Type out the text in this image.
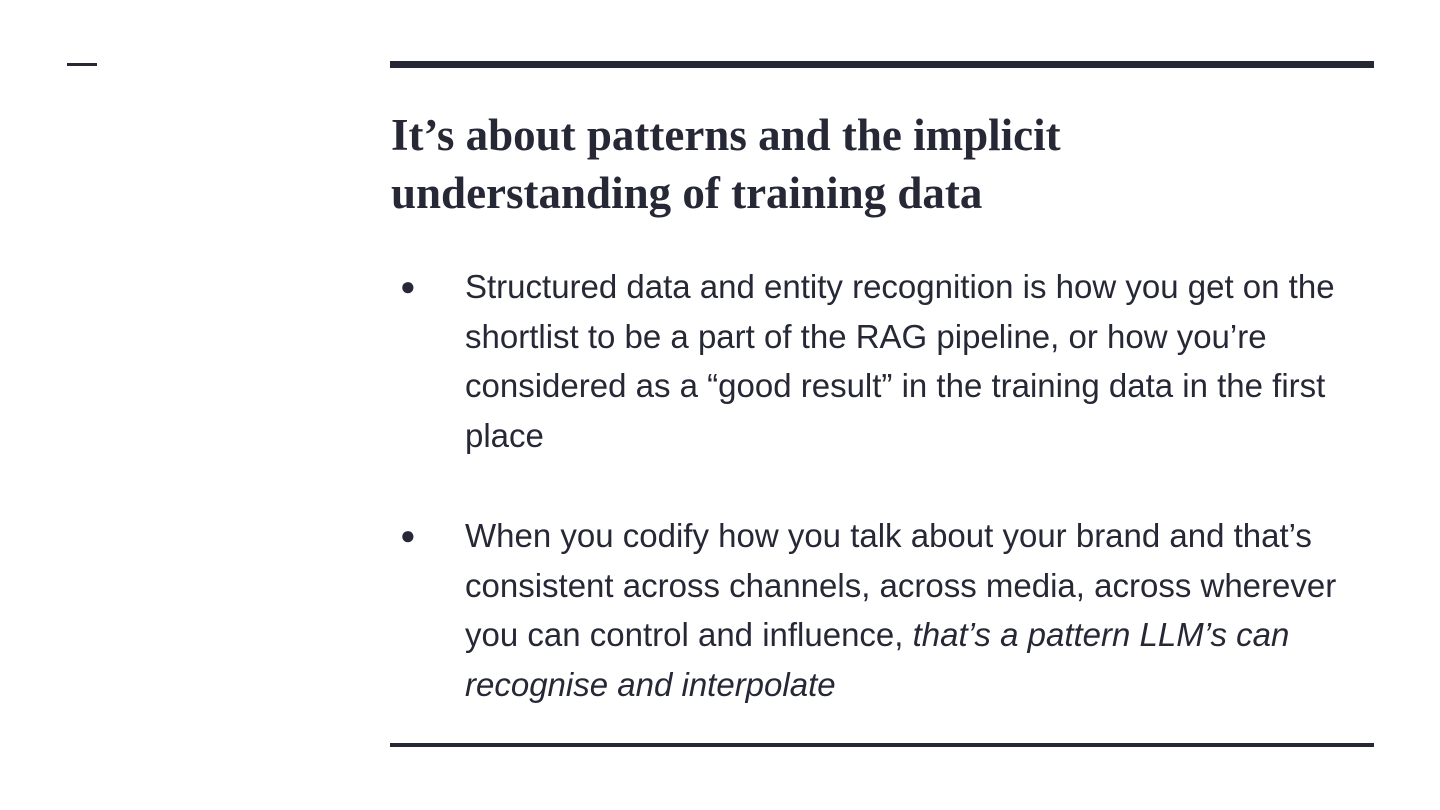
It’s about patterns and the implicit understanding of training data
●	Structured data and entity recognition is how you get on the shortlist to be a part of the RAG pipeline, or how you’re considered as a “good result” in the training data in the first place
●	When you codify how you talk about your brand and that’s consistent across channels, across media, across wherever you can control and influence, that’s a pattern LLM’s can recognise and interpolate
